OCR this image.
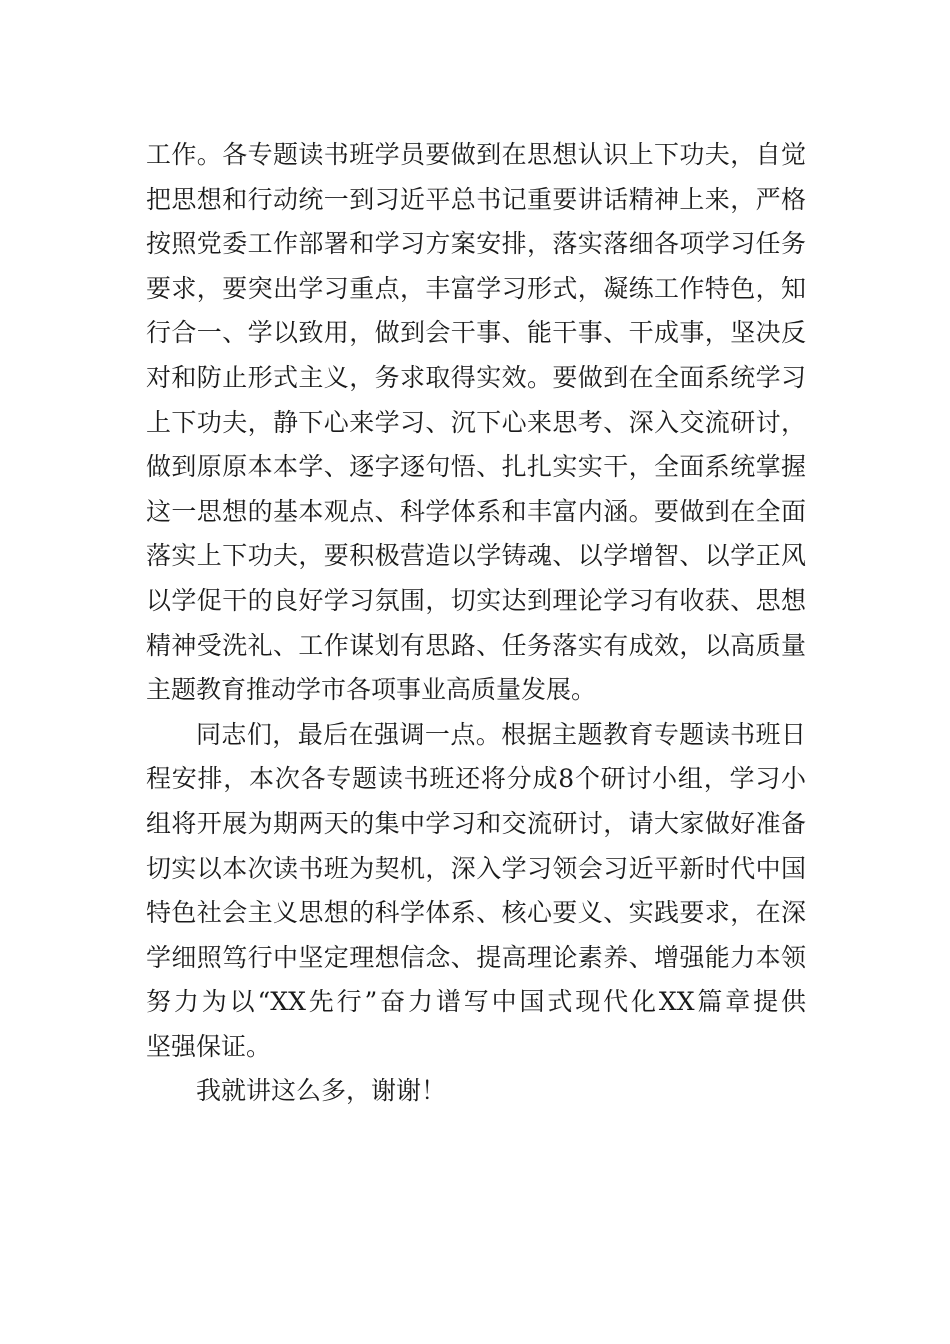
工作。各专题读书班学员要做到在思想认识上下功夫，自觉
把思想和行动统一到习近平总书记重要讲话精神上来，严格
按照党委工作部署和学习方案安排，落实落细各项学习任务
要求，要突出学习重点，丰富学习形式，凝练工作特色，知
行合一、学以致用，做到会干事、能干事、干成事，坚决反
对和防止形式主义，务求取得实效。要做到在全面系统学习
上下功夫，静下心来学习、沉下心来思考、深入交流研讨，
做到原原本本学、逐字逐句悟、扎扎实实干，全面系统掌握
这一思想的基本观点、科学体系和丰富内涵。要做到在全面
落实上下功夫，要积极营造以学铸魂、以学增智、以学正风
以学促干的良好学习氛围，切实达到理论学习有收获、思想
精神受洗礼、工作谋划有思路、任务落实有成效，以高质量
主题教育推动学市各项事业高质量发展。
同志们，最后在强调一点。根据主题教育专题读书班日
程安排，本次各专题读书班还将分成8个研讨小组，学习小
组将开展为期两天的集中学习和交流研讨，请大家做好准备
切实以本次读书班为契机，深入学习领会习近平新时代中国
特色社会主义思想的科学体系、核心要义、实践要求，在深
学细照笃行中坚定理想信念、提高理论素养、增强能力本领
努力为以“XX先行”奋力谱写中国式现代化XX篇章提供
坚强保证。
我就讲这么多，谢谢！
